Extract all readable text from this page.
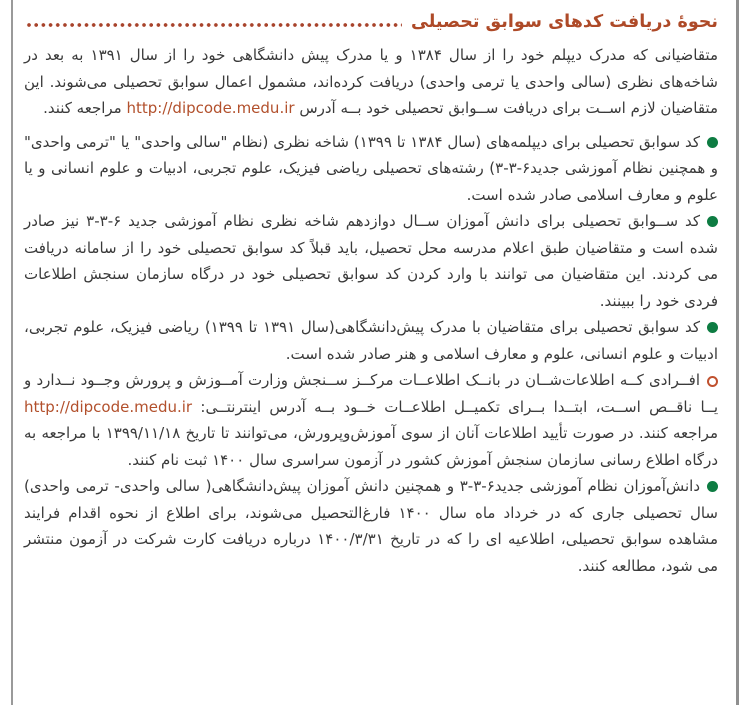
نحوهٔ دریافت کدهای سوابق تحصیلی

متقاضیانی که مدرک دیپلم خود را از سال ۱۳۸۴ و یا مدرک پیش دانشگاهی خود را از سال ۱۳۹۱ به بعد در شاخه‌های نظری (سالی واحدی یا ترمی واحدی) دریافت کرده‌اند، مشمول اعمال سوابق تحصیلی می‌شوند. این متقاضیان لازم اســت برای دریافت ســوابق تحصیلی خود بــه آدرس http://dipcode.medu.ir مراجعه کنند.

کد سوابق تحصیلی برای دیپلمه‌های (سال ۱۳۸۴ تا ۱۳۹۹) شاخه نظری (نظام "سالی واحدی" یا "ترمی واحدی" و همچنین نظام آموزشی جدید۶-۳-۳) رشته‌های تحصیلی ریاضی فیزیک، علوم تجربی، ادبیات و علوم انسانی و یا علوم و معارف اسلامی صادر شده است.

کد ســوابق تحصیلی برای دانش آموزان ســال دوازدهم شاخه نظری نظام آموزشی جدید ۶-۳-۳ نیز صادر شده است و متقاضیان طبق اعلام مدرسه محل تحصیل، باید قبلاً کد سوابق تحصیلی خود را از سامانه دریافت می کردند. این متقاضیان می توانند با وارد کردن کد سوابق تحصیلی خود در درگاه سازمان سنجش اطلاعات فردی خود را ببینند.

کد سوابق تحصیلی برای متقاضیان با مدرک پیش‌دانشگاهی(سال ۱۳۹۱ تا ۱۳۹۹) ریاضی فیزیک، علوم تجربی، ادبیات و علوم انسانی، علوم و معارف اسلامی و هنر صادر شده است.

افــرادی کــه اطلاعات‌شــان در بانــک اطلاعــات مرکــز ســنجش وزارت آمــوزش و پرورش وجــود نــدارد و یــا ناقــص اســت، ابتــدا بــرای تکمیــل اطلاعــات خــود بــه آدرس اینترنتــی: http://dipcode.medu.ir مراجعه کنند. در صورت تأیید اطلاعات آنان از سوی آموزش‌وپرورش، می‌توانند تا تاریخ ۱۳۹۹/۱۱/۱۸ با مراجعه به درگاه اطلاع رسانی سازمان سنجش آموزش کشور در آزمون سراسری سال ۱۴۰۰ ثبت نام کنند.

دانش‌آموزان نظام آموزشی جدید۶-۳-۳ و همچنین دانش آموزان پیش‌دانشگاهی( سالی واحدی- ترمی واحدی) سال تحصیلی جاری که در خرداد ماه سال ۱۴۰۰ فارغ‌التحصیل می‌شوند، برای اطلاع از نحوه اقدام فرایند مشاهده سوابق تحصیلی، اطلاعیه ای را که در تاریخ ۱۴۰۰/۳/۳۱ درباره دریافت کارت شرکت در آزمون منتشر می شود، مطالعه کنند.
